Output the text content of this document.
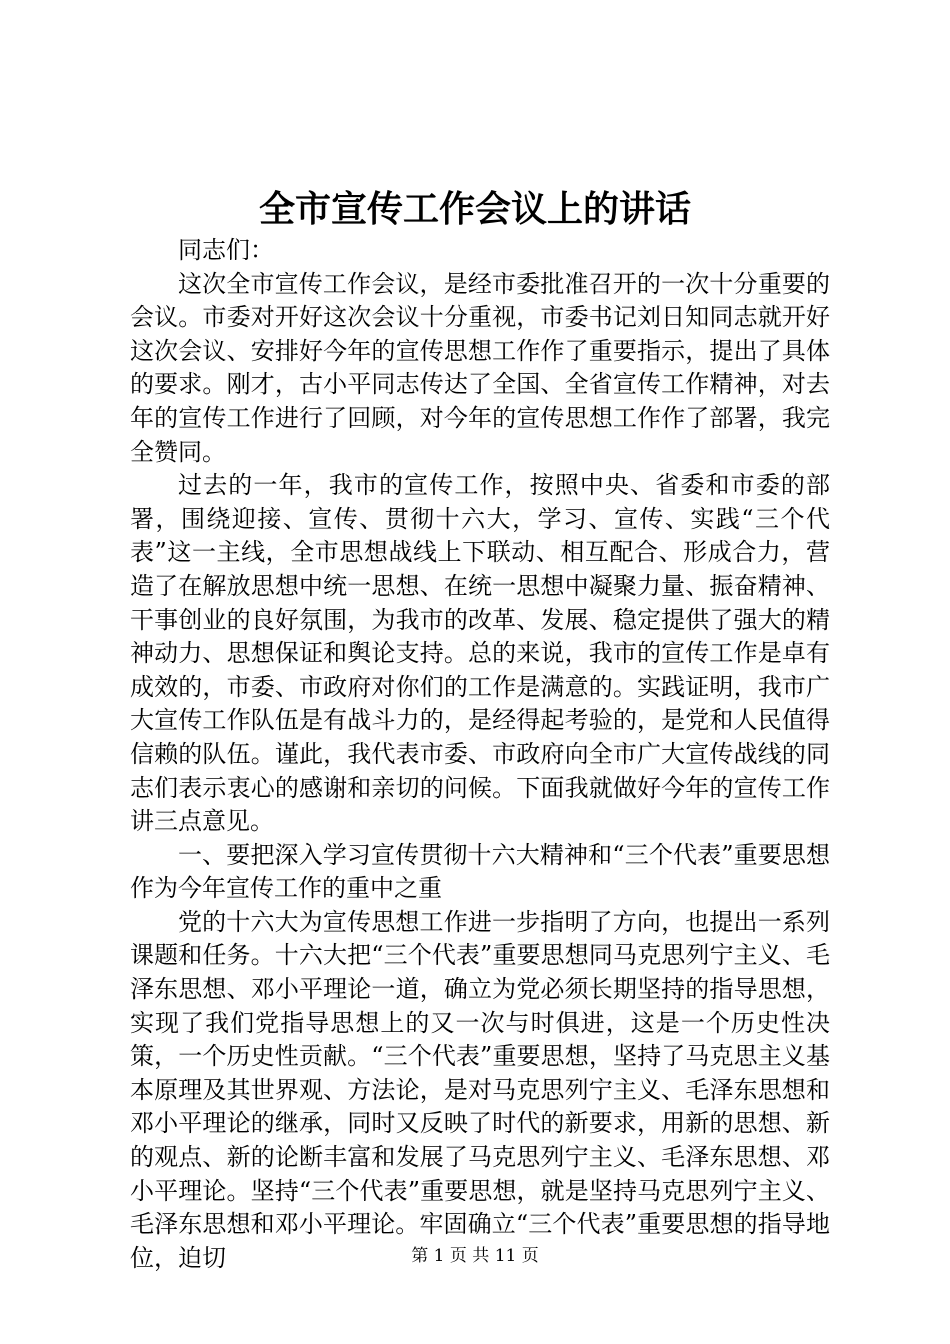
全市宣传工作会议上的讲话

同志们：

这次全市宣传工作会议，是经市委批准召开的一次十分重要的会议。市委对开好这次会议十分重视，市委书记刘日知同志就开好这次会议、安排好今年的宣传思想工作作了重要指示，提出了具体的要求。刚才，古小平同志传达了全国、全省宣传工作精神，对去年的宣传工作进行了回顾，对今年的宣传思想工作作了部署，我完全赞同。

过去的一年，我市的宣传工作，按照中央、省委和市委的部署，围绕迎接、宣传、贯彻十六大，学习、宣传、实践“三个代表”这一主线，全市思想战线上下联动、相互配合、形成合力，营造了在解放思想中统一思想、在统一思想中凝聚力量、振奋精神、干事创业的良好氛围，为我市的改革、发展、稳定提供了强大的精神动力、思想保证和舆论支持。总的来说，我市的宣传工作是卓有成效的，市委、市政府对你们的工作是满意的。实践证明，我市广大宣传工作队伍是有战斗力的，是经得起考验的，是党和人民值得信赖的队伍。谨此，我代表市委、市政府向全市广大宣传战线的同志们表示衷心的感谢和亲切的问候。下面我就做好今年的宣传工作讲三点意见。

一、要把深入学习宣传贯彻十六大精神和“三个代表”重要思想作为今年宣传工作的重中之重

党的十六大为宣传思想工作进一步指明了方向，也提出一系列课题和任务。十六大把“三个代表”重要思想同马克思列宁主义、毛泽东思想、邓小平理论一道，确立为党必须长期坚持的指导思想，实现了我们党指导思想上的又一次与时俱进，这是一个历史性决策，一个历史性贡献。“三个代表”重要思想，坚持了马克思主义基本原理及其世界观、方法论，是对马克思列宁主义、毛泽东思想和邓小平理论的继承，同时又反映了时代的新要求，用新的思想、新的观点、新的论断丰富和发展了马克思列宁主义、毛泽东思想、邓小平理论。坚持“三个代表”重要思想，就是坚持马克思列宁主义、毛泽东思想和邓小平理论。牢固确立“三个代表”重要思想的指导地位，迫切	第 1 页 共 11 页
